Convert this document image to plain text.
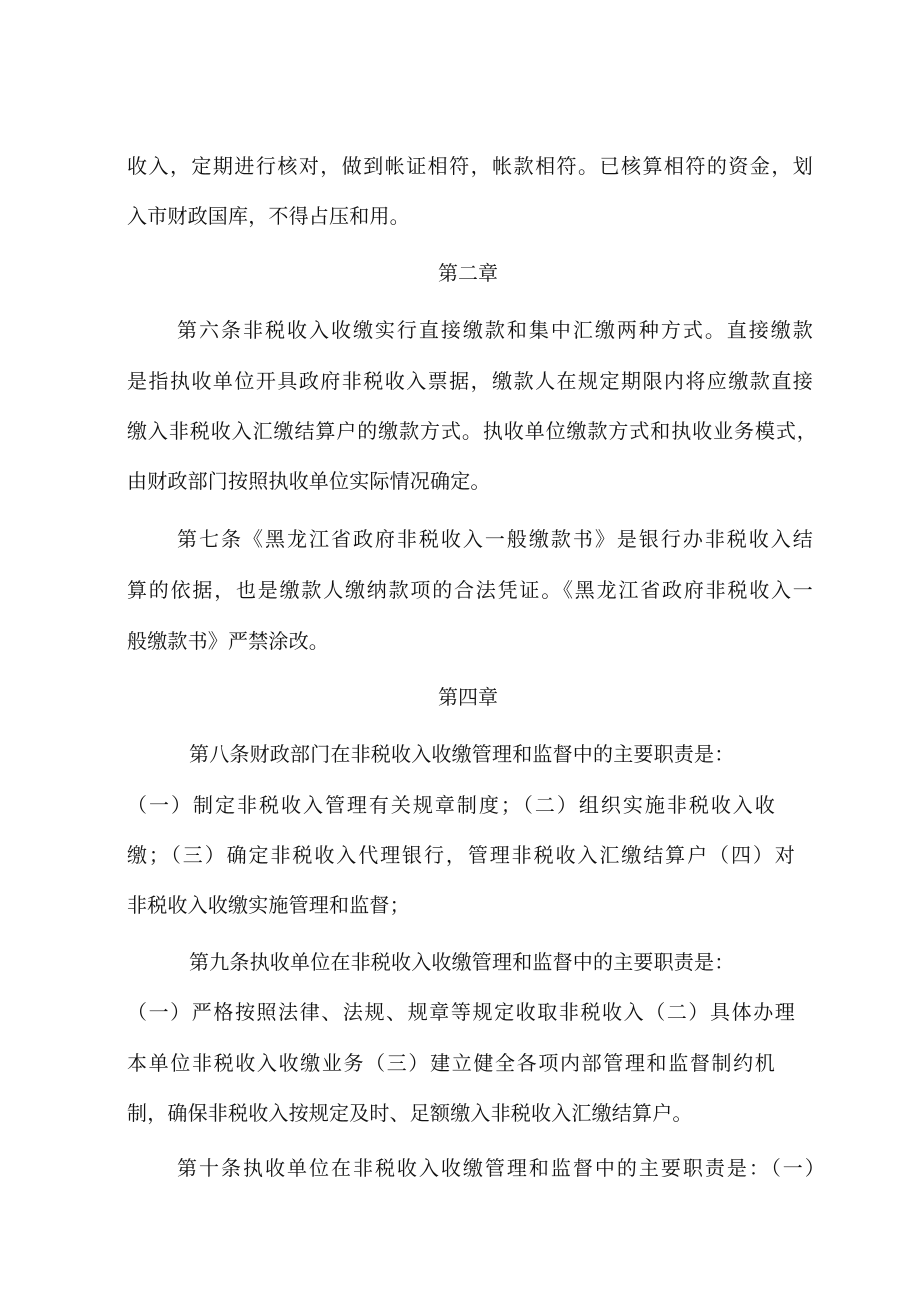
收入，定期进行核对，做到帐证相符，帐款相符。已核算相符的资金，划
入市财政国库，不得占压和用。
第二章
第六条非税收入收缴实行直接缴款和集中汇缴两种方式。直接缴款
是指执收单位开具政府非税收入票据，缴款人在规定期限内将应缴款直接
缴入非税收入汇缴结算户的缴款方式。执收单位缴款方式和执收业务模式，
由财政部门按照执收单位实际情况确定。
第七条《黑龙江省政府非税收入一般缴款书》是银行办非税收入结
算的依据，也是缴款人缴纳款项的合法凭证。《黑龙江省政府非税收入一
般缴款书》严禁涂改。
第四章
第八条财政部门在非税收入收缴管理和监督中的主要职责是：
（一）制定非税收入管理有关规章制度；（二）组织实施非税收入收
缴；（三）确定非税收入代理银行，管理非税收入汇缴结算户（四）对
非税收入收缴实施管理和监督；
第九条执收单位在非税收入收缴管理和监督中的主要职责是：
（一）严格按照法律、法规、规章等规定收取非税收入（二）具体办理
本单位非税收入收缴业务（三）建立健全各项内部管理和监督制约机
制，确保非税收入按规定及时、足额缴入非税收入汇缴结算户。
第十条执收单位在非税收入收缴管理和监督中的主要职责是：（一）
